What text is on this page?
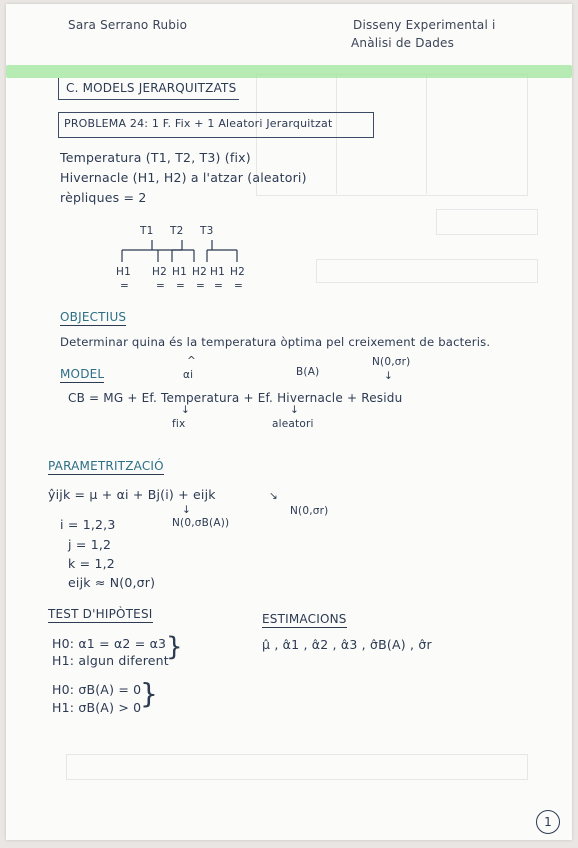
Sara Serrano Rubio	Disseny Experimental i
Anàlisi de Dades
C. MODELS JERARQUITZATS
PROBLEMA 24: 1 F. Fix + 1 Aleatori Jerarquitzat
Temperatura (T1, T2, T3) (fix)
Hivernacle (H1, H2) a l'atzar (aleatori)
rèpliques = 2
T1 T2 T3
H1 H2 H1 H2 H1 H2
=	= = = = =
OBJECTIUS
Determinar quina és la temperatura òptima pel creixement de bacteris.
MODEL
^
αi	B(A)
N(0,σr)
↓
CB = MG + Ef. Temperatura + Ef. Hivernacle + Residu
↓	↓
fix	aleatori
PARAMETRITZACIÓ
ŷijk = μ + αi + Bj(i) + eijk	↘
↓
N(0,σB(A))
N(0,σr)
i = 1,2,3
j = 1,2
k = 1,2
eijk ≈ N(0,σr)
TEST D'HIPÒTESI
H0: α1 = α2 = α3
H1: algun diferent
}
H0: σB(A) = 0
H1: σB(A) > 0
}
ESTIMACIONS
μ̂ , α̂1 , α̂2 , α̂3 , σ̂B(A) , σ̂r
1
